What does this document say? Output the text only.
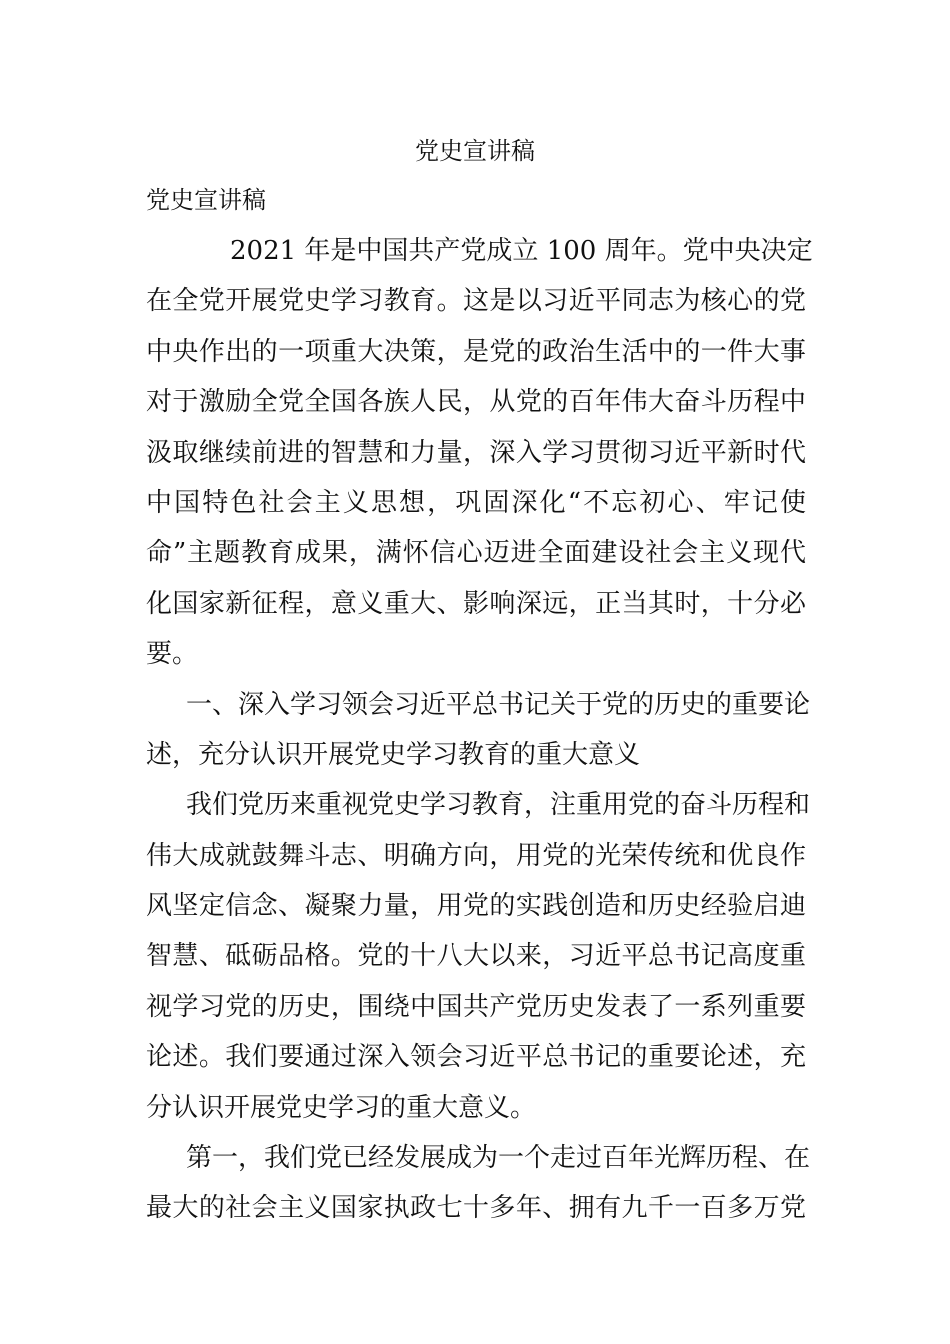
党史宣讲稿
党史宣讲稿
2021 年是中国共产党成立 100 周年。党中央决定
在全党开展党史学习教育。这是以习近平同志为核心的党
中央作出的一项重大决策，是党的政治生活中的一件大事
对于激励全党全国各族人民，从党的百年伟大奋斗历程中
汲取继续前进的智慧和力量，深入学习贯彻习近平新时代
中国特色社会主义思想，巩固深化“不忘初心、牢记使
命”主题教育成果，满怀信心迈进全面建设社会主义现代
化国家新征程，意义重大、影响深远，正当其时，十分必
要。
一、深入学习领会习近平总书记关于党的历史的重要论
述，充分认识开展党史学习教育的重大意义
我们党历来重视党史学习教育，注重用党的奋斗历程和
伟大成就鼓舞斗志、明确方向，用党的光荣传统和优良作
风坚定信念、凝聚力量，用党的实践创造和历史经验启迪
智慧、砥砺品格。党的十八大以来，习近平总书记高度重
视学习党的历史，围绕中国共产党历史发表了一系列重要
论述。我们要通过深入领会习近平总书记的重要论述，充
分认识开展党史学习的重大意义。
第一，我们党已经发展成为一个走过百年光辉历程、在
最大的社会主义国家执政七十多年、拥有九千一百多万党
